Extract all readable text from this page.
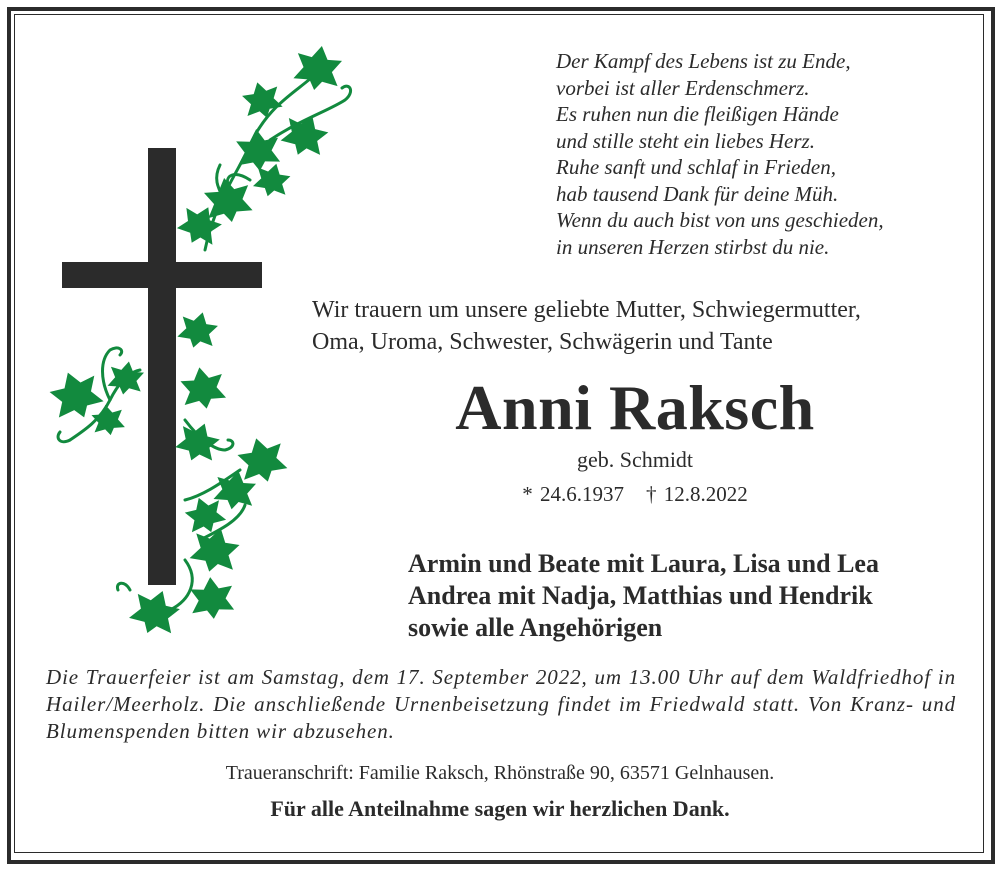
Der Kampf des Lebens ist zu Ende,
vorbei ist aller Erdenschmerz.
Es ruhen nun die fleißigen Hände
und stille steht ein liebes Herz.
Ruhe sanft und schlaf in Frieden,
hab tausend Dank für deine Müh.
Wenn du auch bist von uns geschieden,
in unseren Herzen stirbst du nie.
Wir trauern um unsere geliebte Mutter, Schwiegermutter,
Oma, Uroma, Schwester, Schwägerin und Tante
Anni Raksch
geb. Schmidt
* 24.6.1937 † 12.8.2022
Armin und Beate mit Laura, Lisa und Lea
Andrea mit Nadja, Matthias und Hendrik
sowie alle Angehörigen
Die Trauerfeier ist am Samstag, dem 17. September 2022, um 13.00 Uhr auf dem Waldfriedhof in Hailer/Meerholz. Die anschließende Urnenbeisetzung findet im Friedwald statt. Von Kranz- und Blumenspenden bitten wir abzusehen.
Traueranschrift: Familie Raksch, Rhönstraße 90, 63571 Gelnhausen.
Für alle Anteilnahme sagen wir herzlichen Dank.
